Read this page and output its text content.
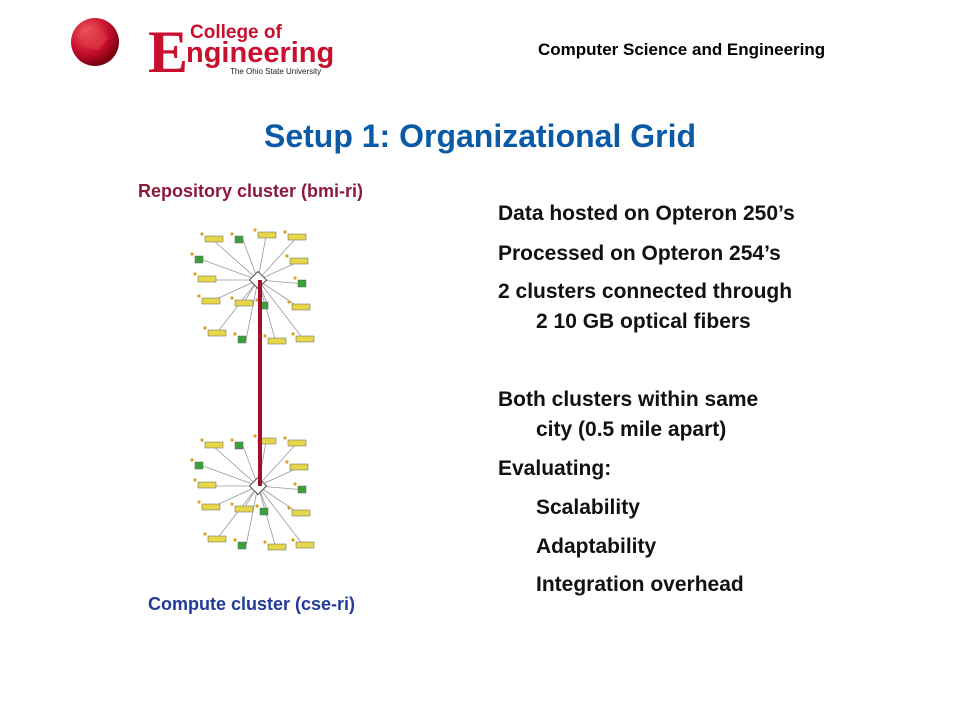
E College of
ngineering
The Ohio State University
Computer Science and Engineering
Setup 1: Organizational Grid
Repository cluster (bmi-ri)
Compute cluster (cse-ri)
Data hosted on Opteron 250’s
Processed on Opteron 254’s
2 clusters connected through
2 10 GB optical fibers
Both clusters within same
city (0.5 mile apart)
Evaluating:
Scalability
Adaptability
Integration overhead
